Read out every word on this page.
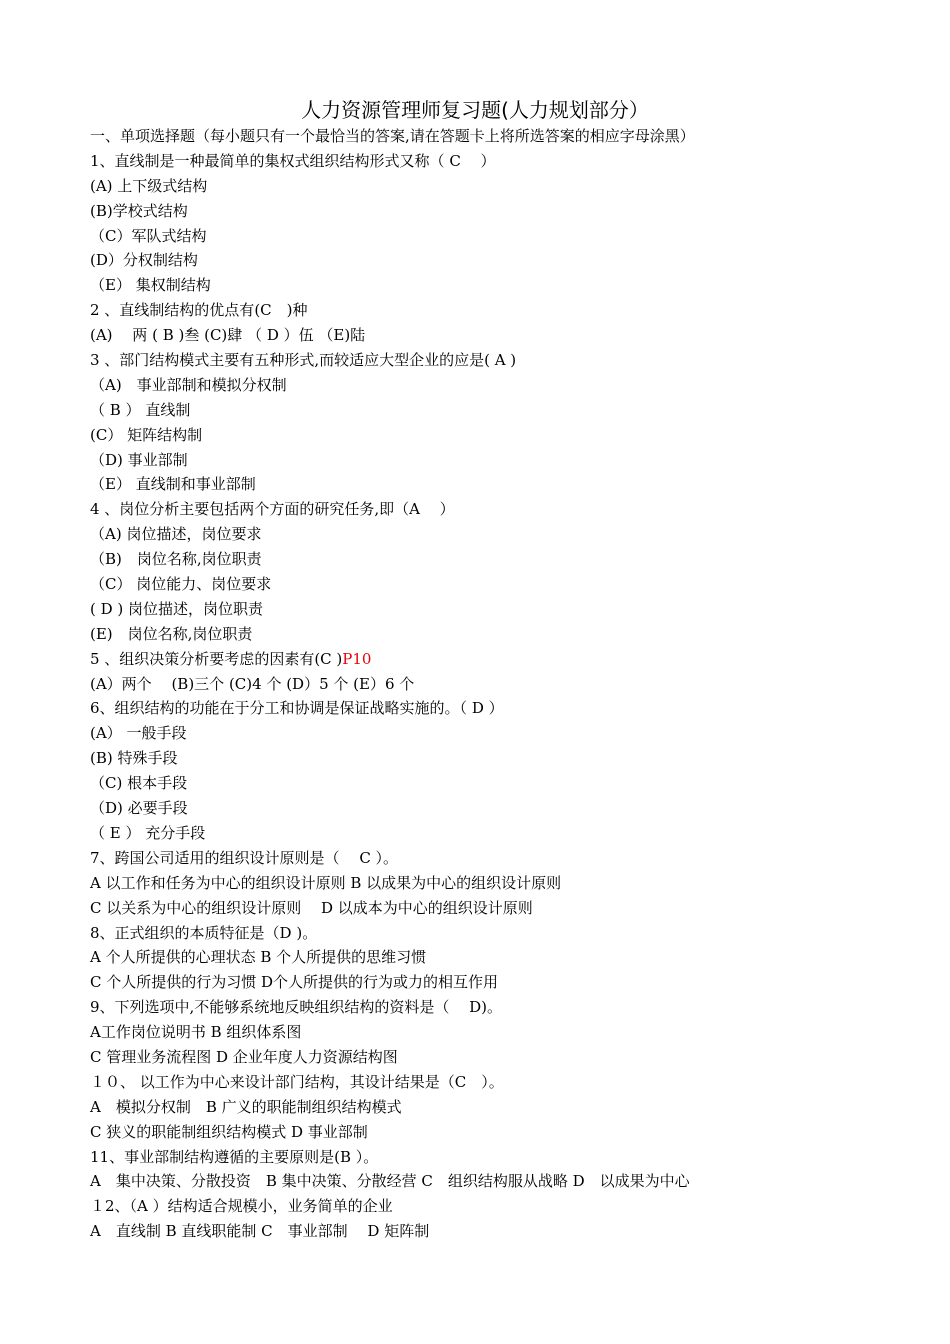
人力资源管理师复习题(人力规划部分）
一、单项选择题（每小题只有一个最恰当的答案,请在答题卡上将所选答案的相应字母涂黑）
1、直线制是一种最简单的集权式组织结构形式又称（ C　 ）
(A) 上下级式结构
(B)学校式结构
（C）军队式结构
(D）分权制结构
（E） 集权制结构
2 、直线制结构的优点有(C　)种
(A)　 两 ( B )叁 (C)肆 （ D ）伍 （E)陆
3 、部门结构模式主要有五种形式,而较适应大型企业的应是( A )
（A)　事业部制和模拟分权制
（ B ） 直线制
(C） 矩阵结构制
（D) 事业部制
（E） 直线制和事业部制
4 、岗位分析主要包括两个方面的研究任务,即（A　 ）
（A) 岗位描述，岗位要求
（B)　岗位名称,岗位职责
（C） 岗位能力、岗位要求
( D ) 岗位描述，岗位职责
(E)　岗位名称,岗位职责
5 、组织决策分析要考虑的因素有(C )P10
(A）两个　 (B)三个 (C)4 个 (D）5 个 (E）6 个
6、组织结构的功能在于分工和协调是保证战略实施的。（ D ）
(A） 一般手段
(B) 特殊手段
（C) 根本手段
（D) 必要手段
（ E ） 充分手段
7、跨国公司适用的组织设计原则是（　 C ）。
A 以工作和任务为中心的组织设计原则 B 以成果为中心的组织设计原则
C 以关系为中心的组织设计原则　 D 以成本为中心的组织设计原则
8、正式组织的本质特征是（D )。
A 个人所提供的心理状态 B 个人所提供的思维习惯
C 个人所提供的行为习惯 D个人所提供的行为或力的相互作用
9、下列选项中,不能够系统地反映组织结构的资料是（　 D)。
A工作岗位说明书 B 组织体系图
C 管理业务流程图 D 企业年度人力资源结构图
１０、 以工作为中心来设计部门结构，其设计结果是（C　）。
A　模拟分权制　B 广义的职能制组织结构模式
C 狭义的职能制组织结构模式 D 事业部制
11、事业部制结构遵循的主要原则是(B ）。
A　集中决策、分散投资　B 集中决策、分散经营 C　组织结构服从战略 D　以成果为中心
１2、（A ）结构适合规模小，业务简单的企业
A　直线制 B 直线职能制 C　事业部制　 D 矩阵制
